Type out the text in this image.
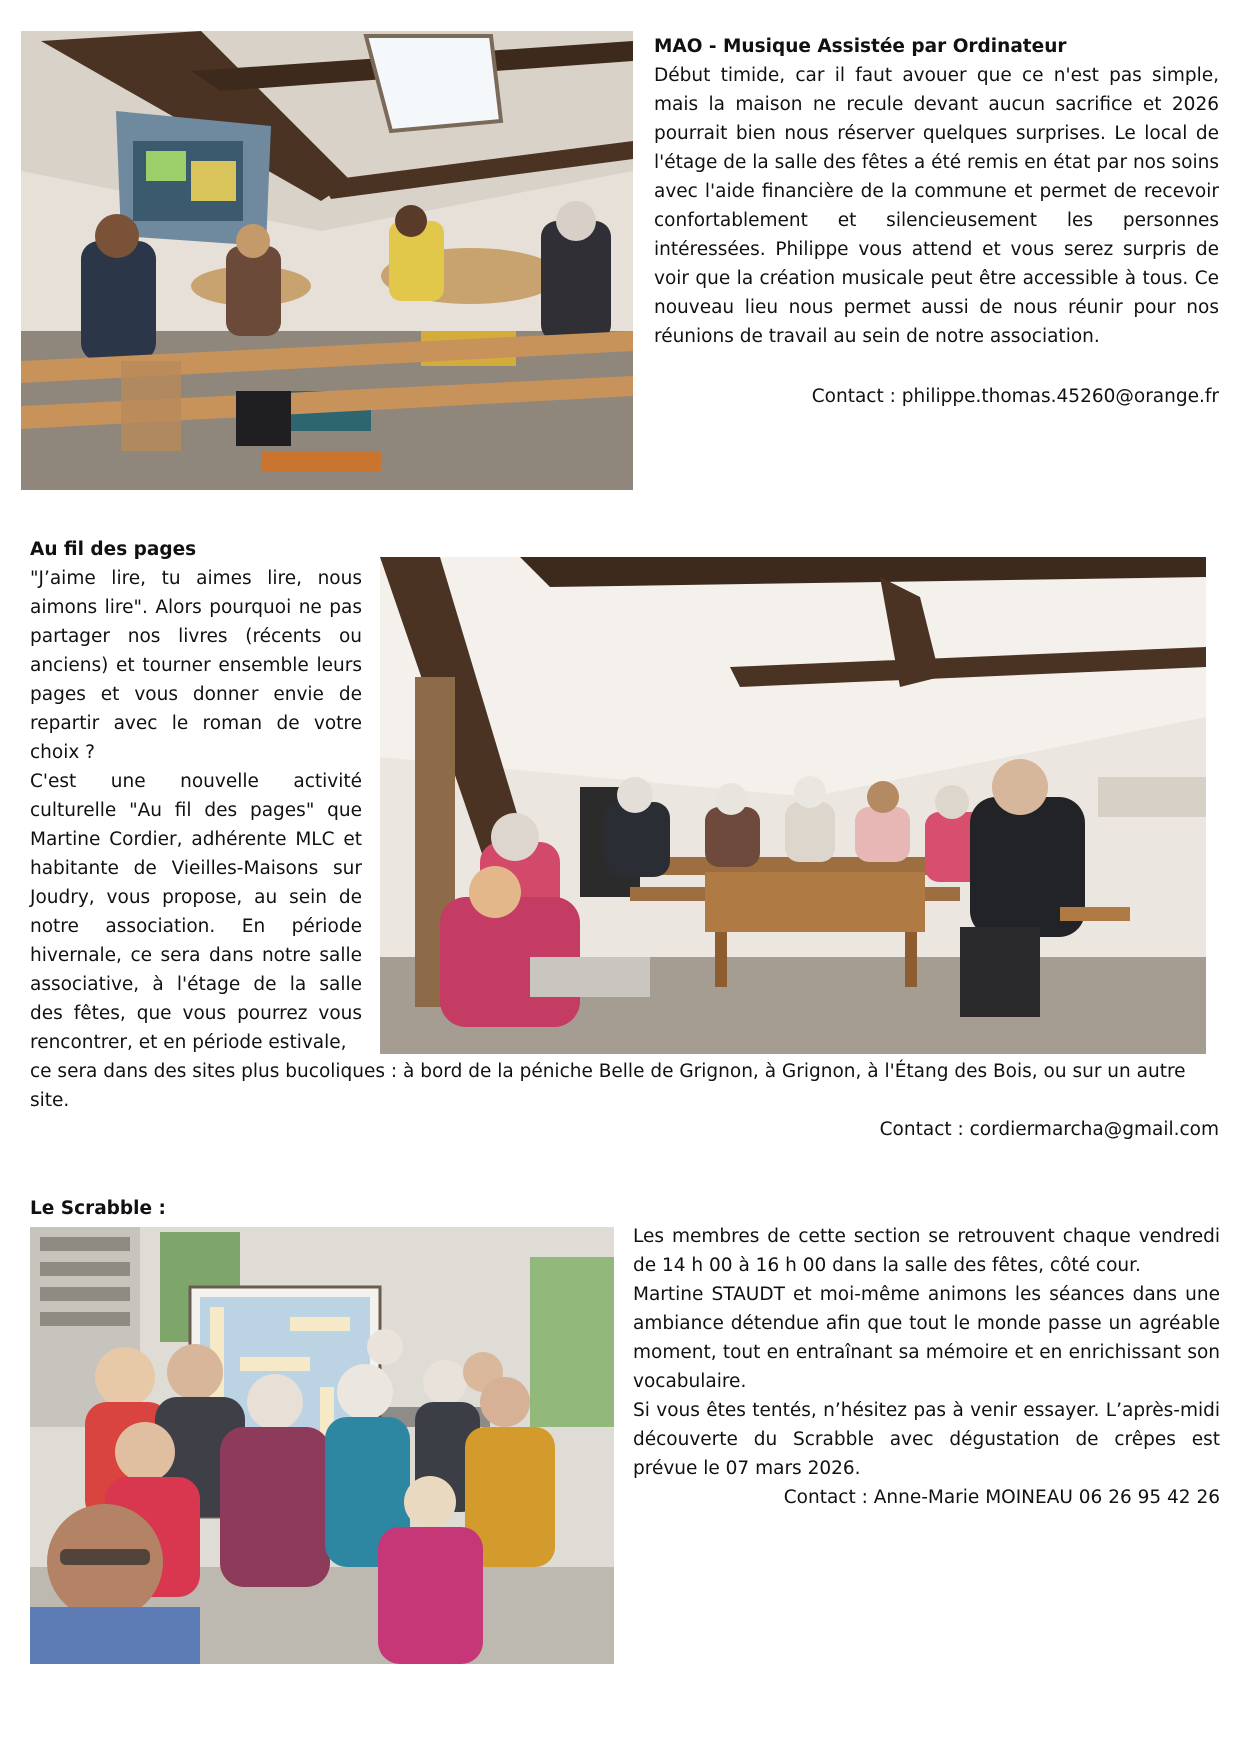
MAO - Musique Assistée par Ordinateur

Début timide, car il faut avouer que ce n'est pas simple, mais la maison ne recule devant aucun sacrifice et 2026 pourrait bien nous réserver quelques surprises. Le local de l'étage de la salle des fêtes a été remis en état par nos soins avec l'aide financière de la commune et permet de recevoir confortablement et silencieusement les personnes intéressées. Philippe vous attend et vous serez surpris de voir que la création musicale peut être accessible à tous. Ce nouveau lieu nous permet aussi de nous réunir pour nos réunions de travail au sein de notre association.

Contact : philippe.thomas.45260@orange.fr

Au fil des pages

"J’aime lire, tu aimes lire, nous aimons lire". Alors pourquoi ne pas partager nos livres (récents ou anciens) et tourner ensemble leurs pages et vous donner envie de repartir avec le roman de votre choix ?

C'est une nouvelle activité culturelle "Au fil des pages" que Martine Cordier, adhérente MLC et habitante de Vieilles-Maisons sur Joudry, vous propose, au sein de notre association. En période hivernale, ce sera dans notre salle associative, à l'étage de la salle des fêtes, que vous pourrez vous rencontrer, et en période estivale,

ce sera dans des sites plus bucoliques : à bord de la péniche Belle de Grignon, à Grignon, à l'Étang des Bois, ou sur un autre site.

Contact : cordiermarcha@gmail.com

Le Scrabble :

Les membres de cette section se retrouvent chaque vendredi de 14 h 00 à 16 h 00 dans la salle des fêtes, côté cour.

Martine STAUDT et moi-même animons les séances dans une ambiance détendue afin que tout le monde passe un agréable moment, tout en entraînant sa mémoire et en enrichissant son vocabulaire.

Si vous êtes tentés, n’hésitez pas à venir essayer. L’après-midi découverte du Scrabble avec dégustation de crêpes est prévue le 07 mars 2026.

Contact : Anne-Marie MOINEAU 06 26 95 42 26
